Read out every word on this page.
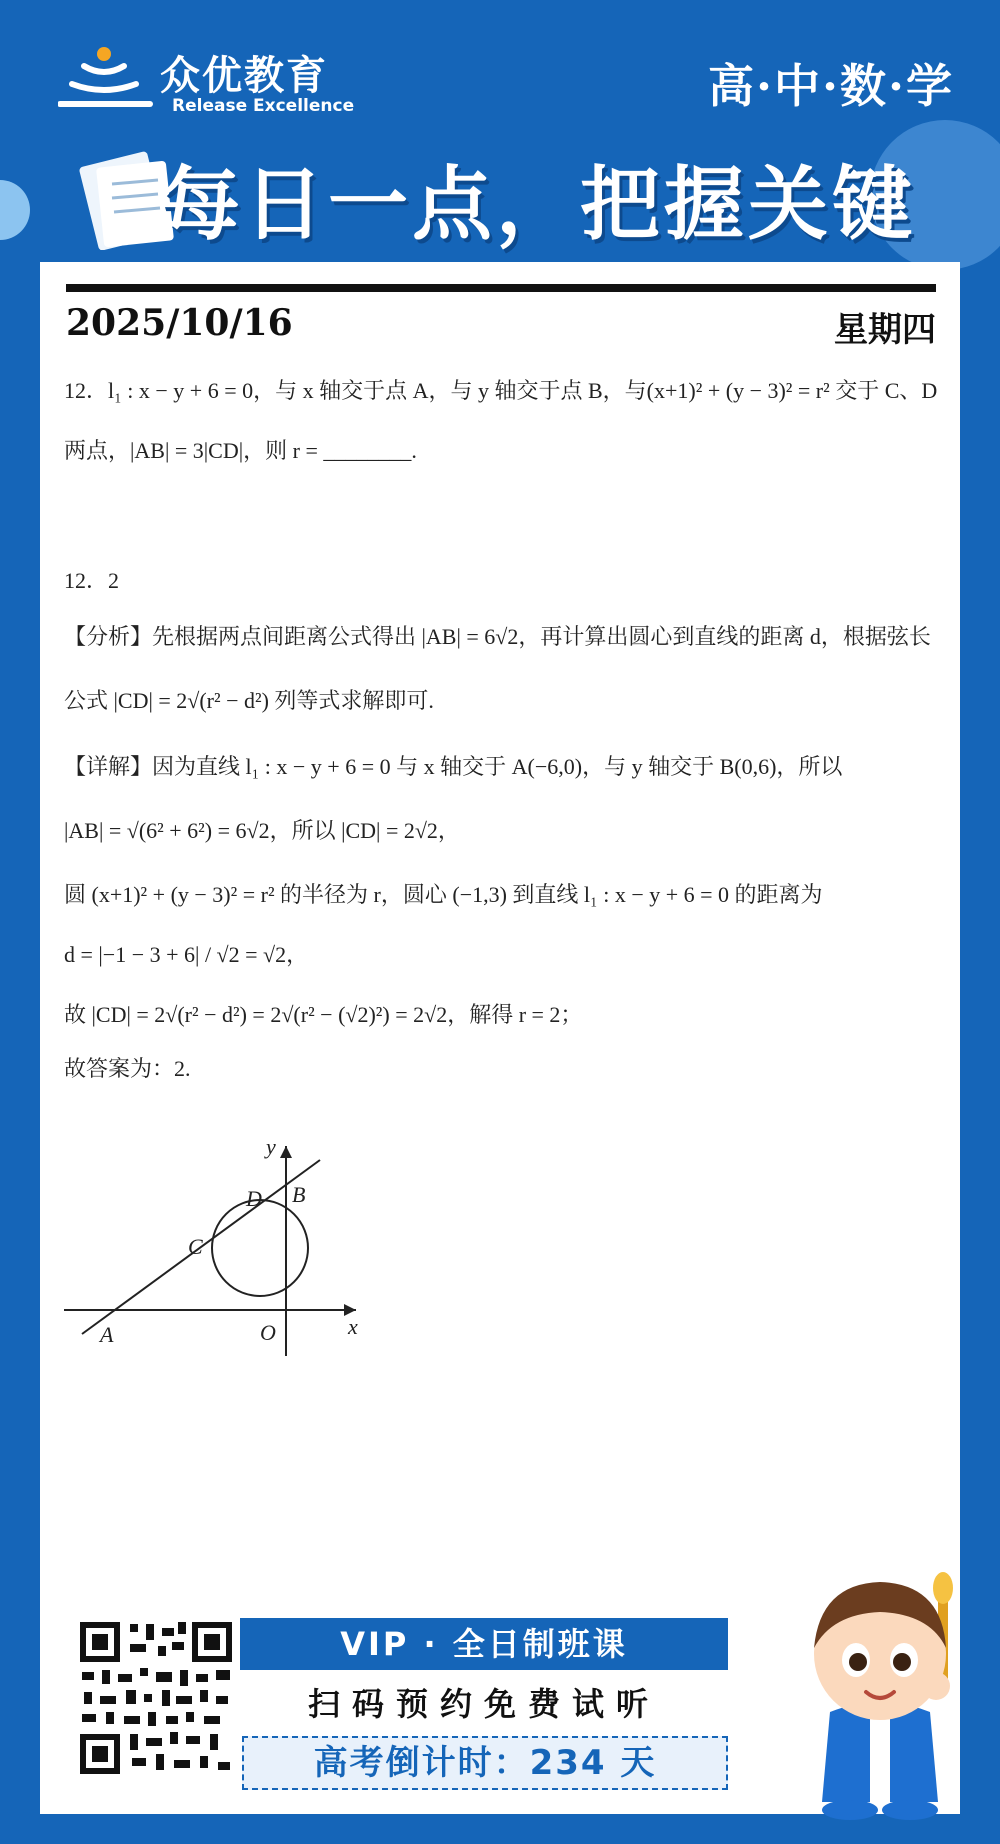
众优教育
Release Excellence	高·中·数·学
每日一点，把握关键
2025/10/16	星期四
12．l₁ : x − y + 6 = 0，与 x 轴交于点 A，与 y 轴交于点 B，与(x+1)² + (y − 3)² = r² 交于 C、D
两点，|AB| = 3|CD|，则 r = ________.
12．2
【分析】先根据两点间距离公式得出 |AB| = 6√2，再计算出圆心到直线的距离 d，根据弦长
公式 |CD| = 2√(r² − d²) 列等式求解即可.
【详解】因为直线 l₁ : x − y + 6 = 0 与 x 轴交于 A(−6,0)，与 y 轴交于 B(0,6)，所以
|AB| = √(6² + 6²) = 6√2，所以 |CD| = 2√2，
圆 (x+1)² + (y − 3)² = r² 的半径为 r，圆心 (−1,3) 到直线 l₁ : x − y + 6 = 0 的距离为
d = |−1 − 3 + 6| / √2 = √2，
故 |CD| = 2√(r² − d²) = 2√(r² − (√2)²) = 2√2，解得 r = 2；
故答案为：2.
y
x
D B
C
A	O
VIP · 全日制班课
扫码预约免费试听
高考倒计时：234 天
